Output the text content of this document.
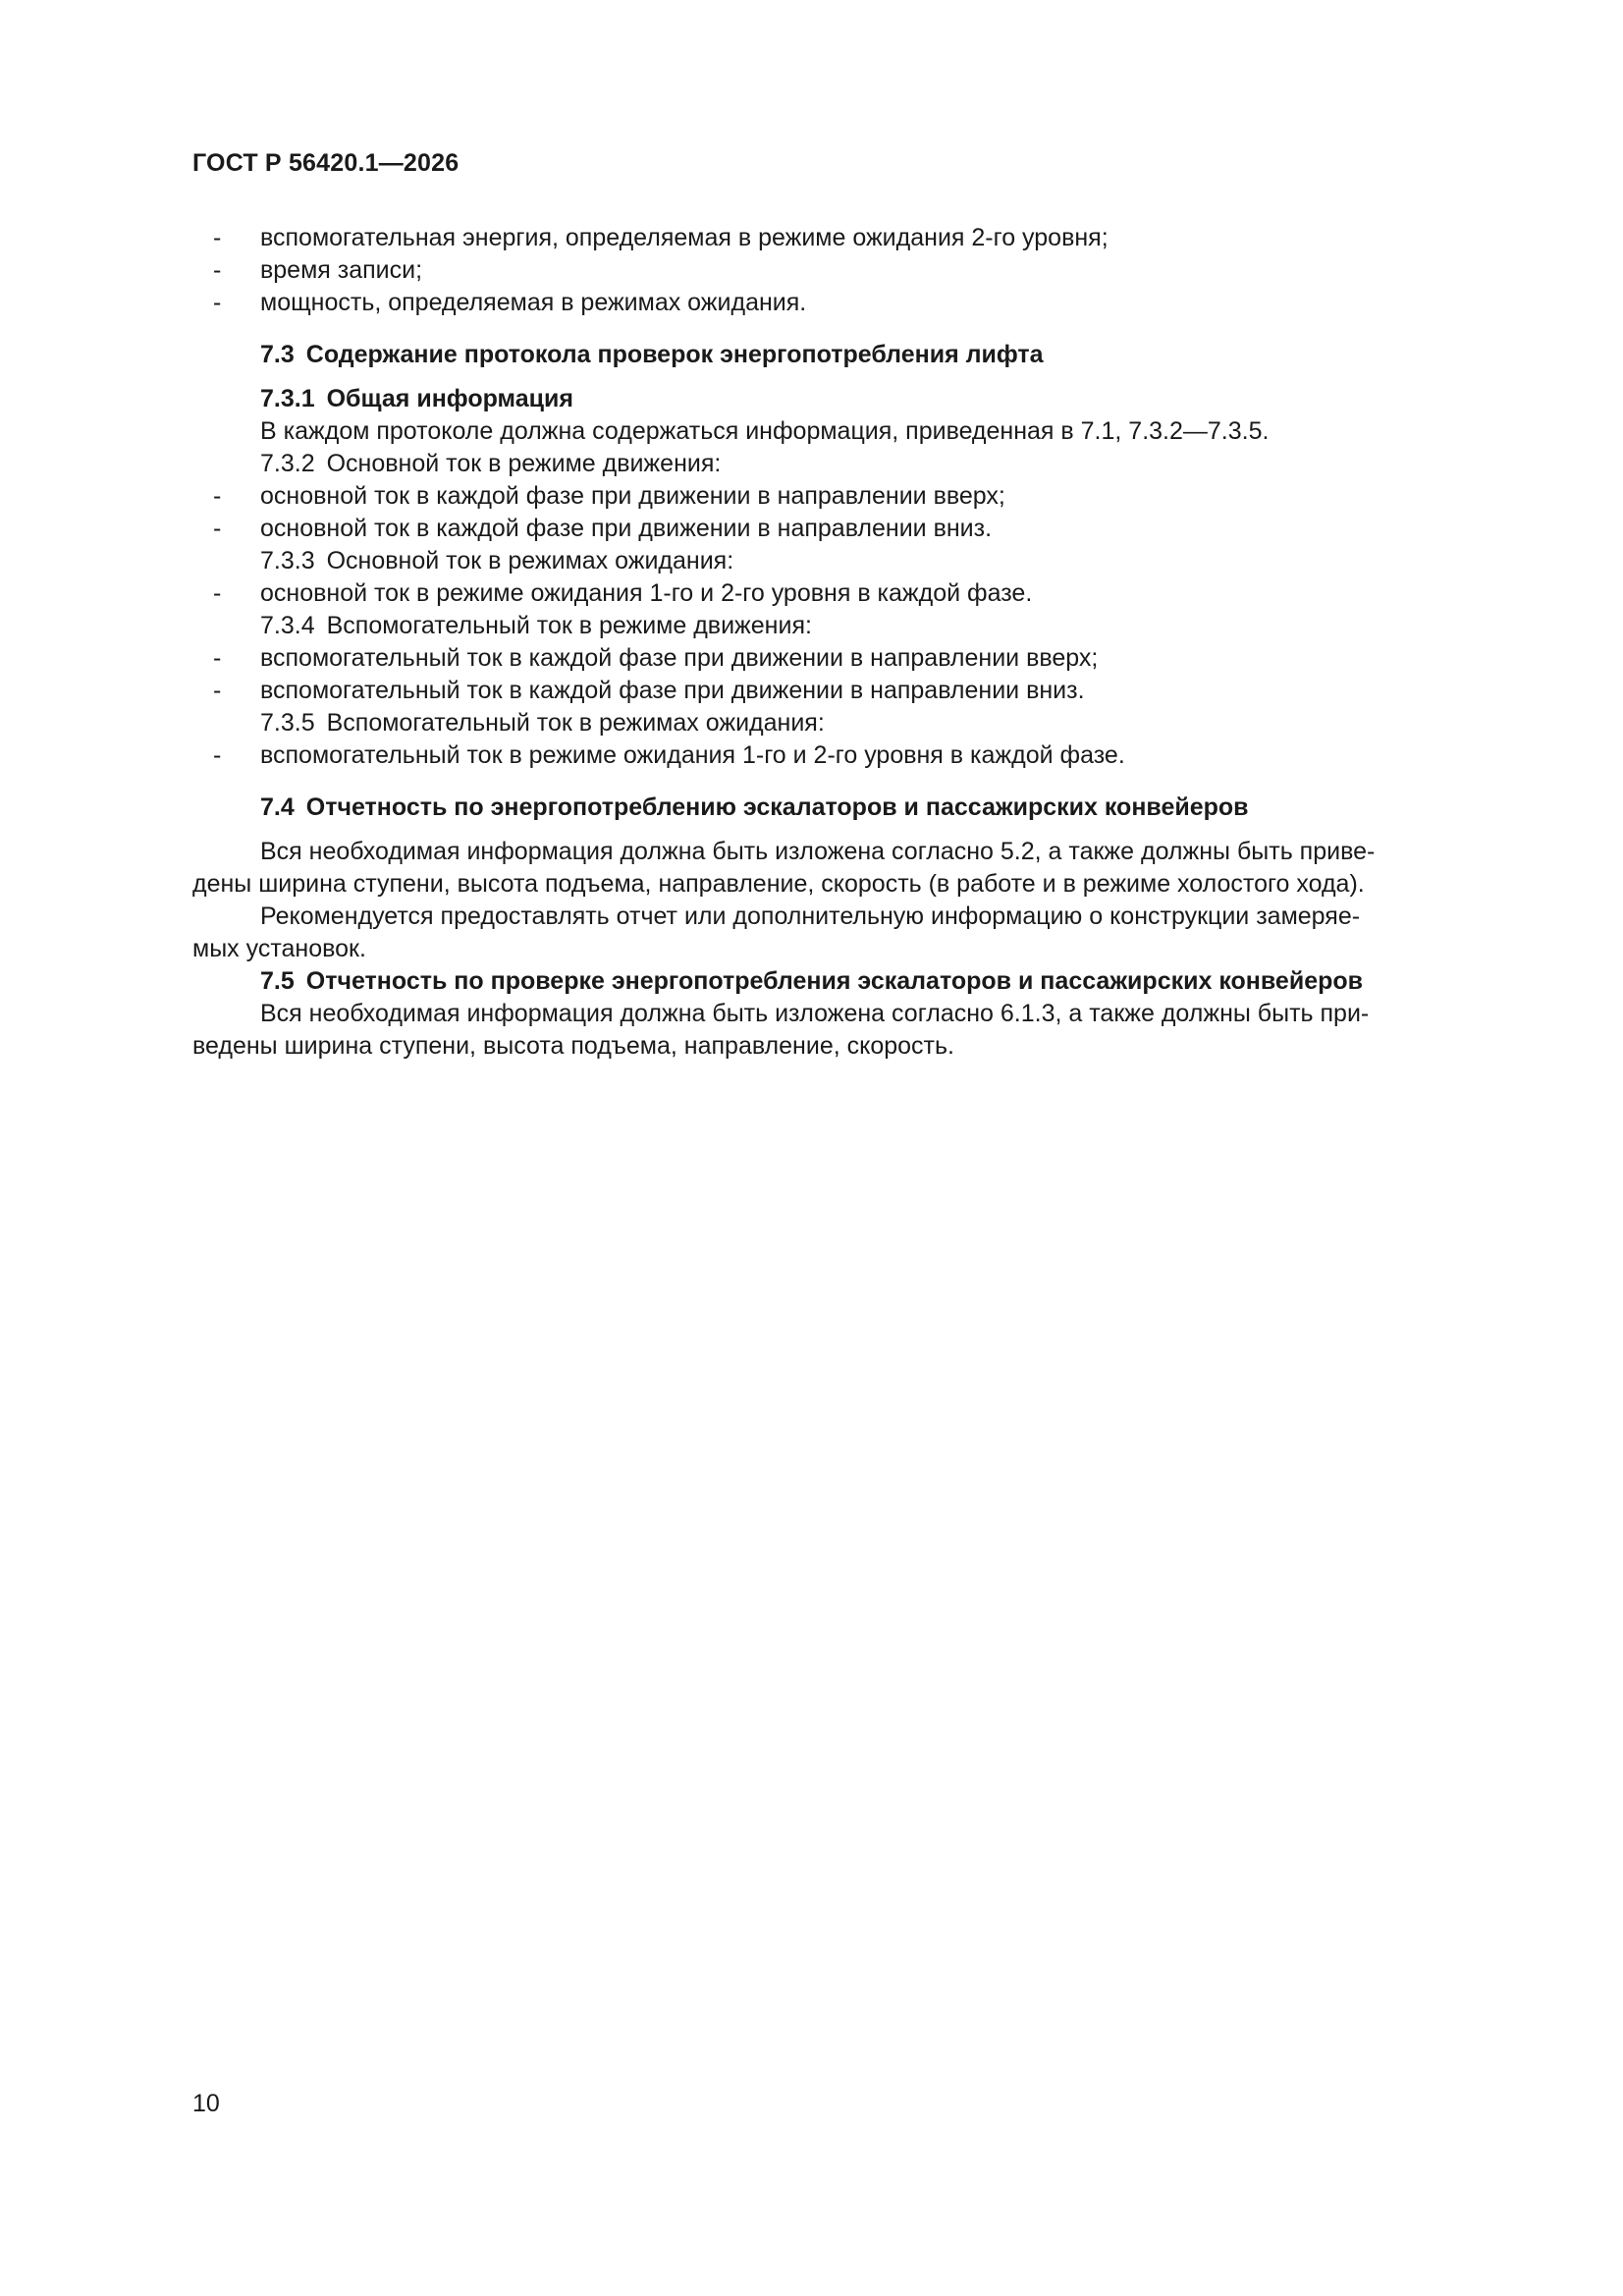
ГОСТ Р 56420.1—2026
- вспомогательная энергия, определяемая в режиме ожидания 2-го уровня;
- время записи;
- мощность, определяемая в режимах ожидания.
7.3 Содержание протокола проверок энергопотребления лифта
7.3.1 Общая информация
В каждом протоколе должна содержаться информация, приведенная в 7.1, 7.3.2—7.3.5.
7.3.2 Основной ток в режиме движения:
- основной ток в каждой фазе при движении в направлении вверх;
- основной ток в каждой фазе при движении в направлении вниз.
7.3.3 Основной ток в режимах ожидания:
- основной ток в режиме ожидания 1-го и 2-го уровня в каждой фазе.
7.3.4 Вспомогательный ток в режиме движения:
- вспомогательный ток в каждой фазе при движении в направлении вверх;
- вспомогательный ток в каждой фазе при движении в направлении вниз.
7.3.5 Вспомогательный ток в режимах ожидания:
- вспомогательный ток в режиме ожидания 1-го и 2-го уровня в каждой фазе.
7.4 Отчетность по энергопотреблению эскалаторов и пассажирских конвейеров
Вся необходимая информация должна быть изложена согласно 5.2, а также должны быть приве-
дены ширина ступени, высота подъема, направление, скорость (в работе и в режиме холостого хода).
Рекомендуется предоставлять отчет или дополнительную информацию о конструкции замеряе-
мых установок.
7.5 Отчетность по проверке энергопотребления эскалаторов и пассажирских конвейеров
Вся необходимая информация должна быть изложена согласно 6.1.3, а также должны быть при-
ведены ширина ступени, высота подъема, направление, скорость.
10
